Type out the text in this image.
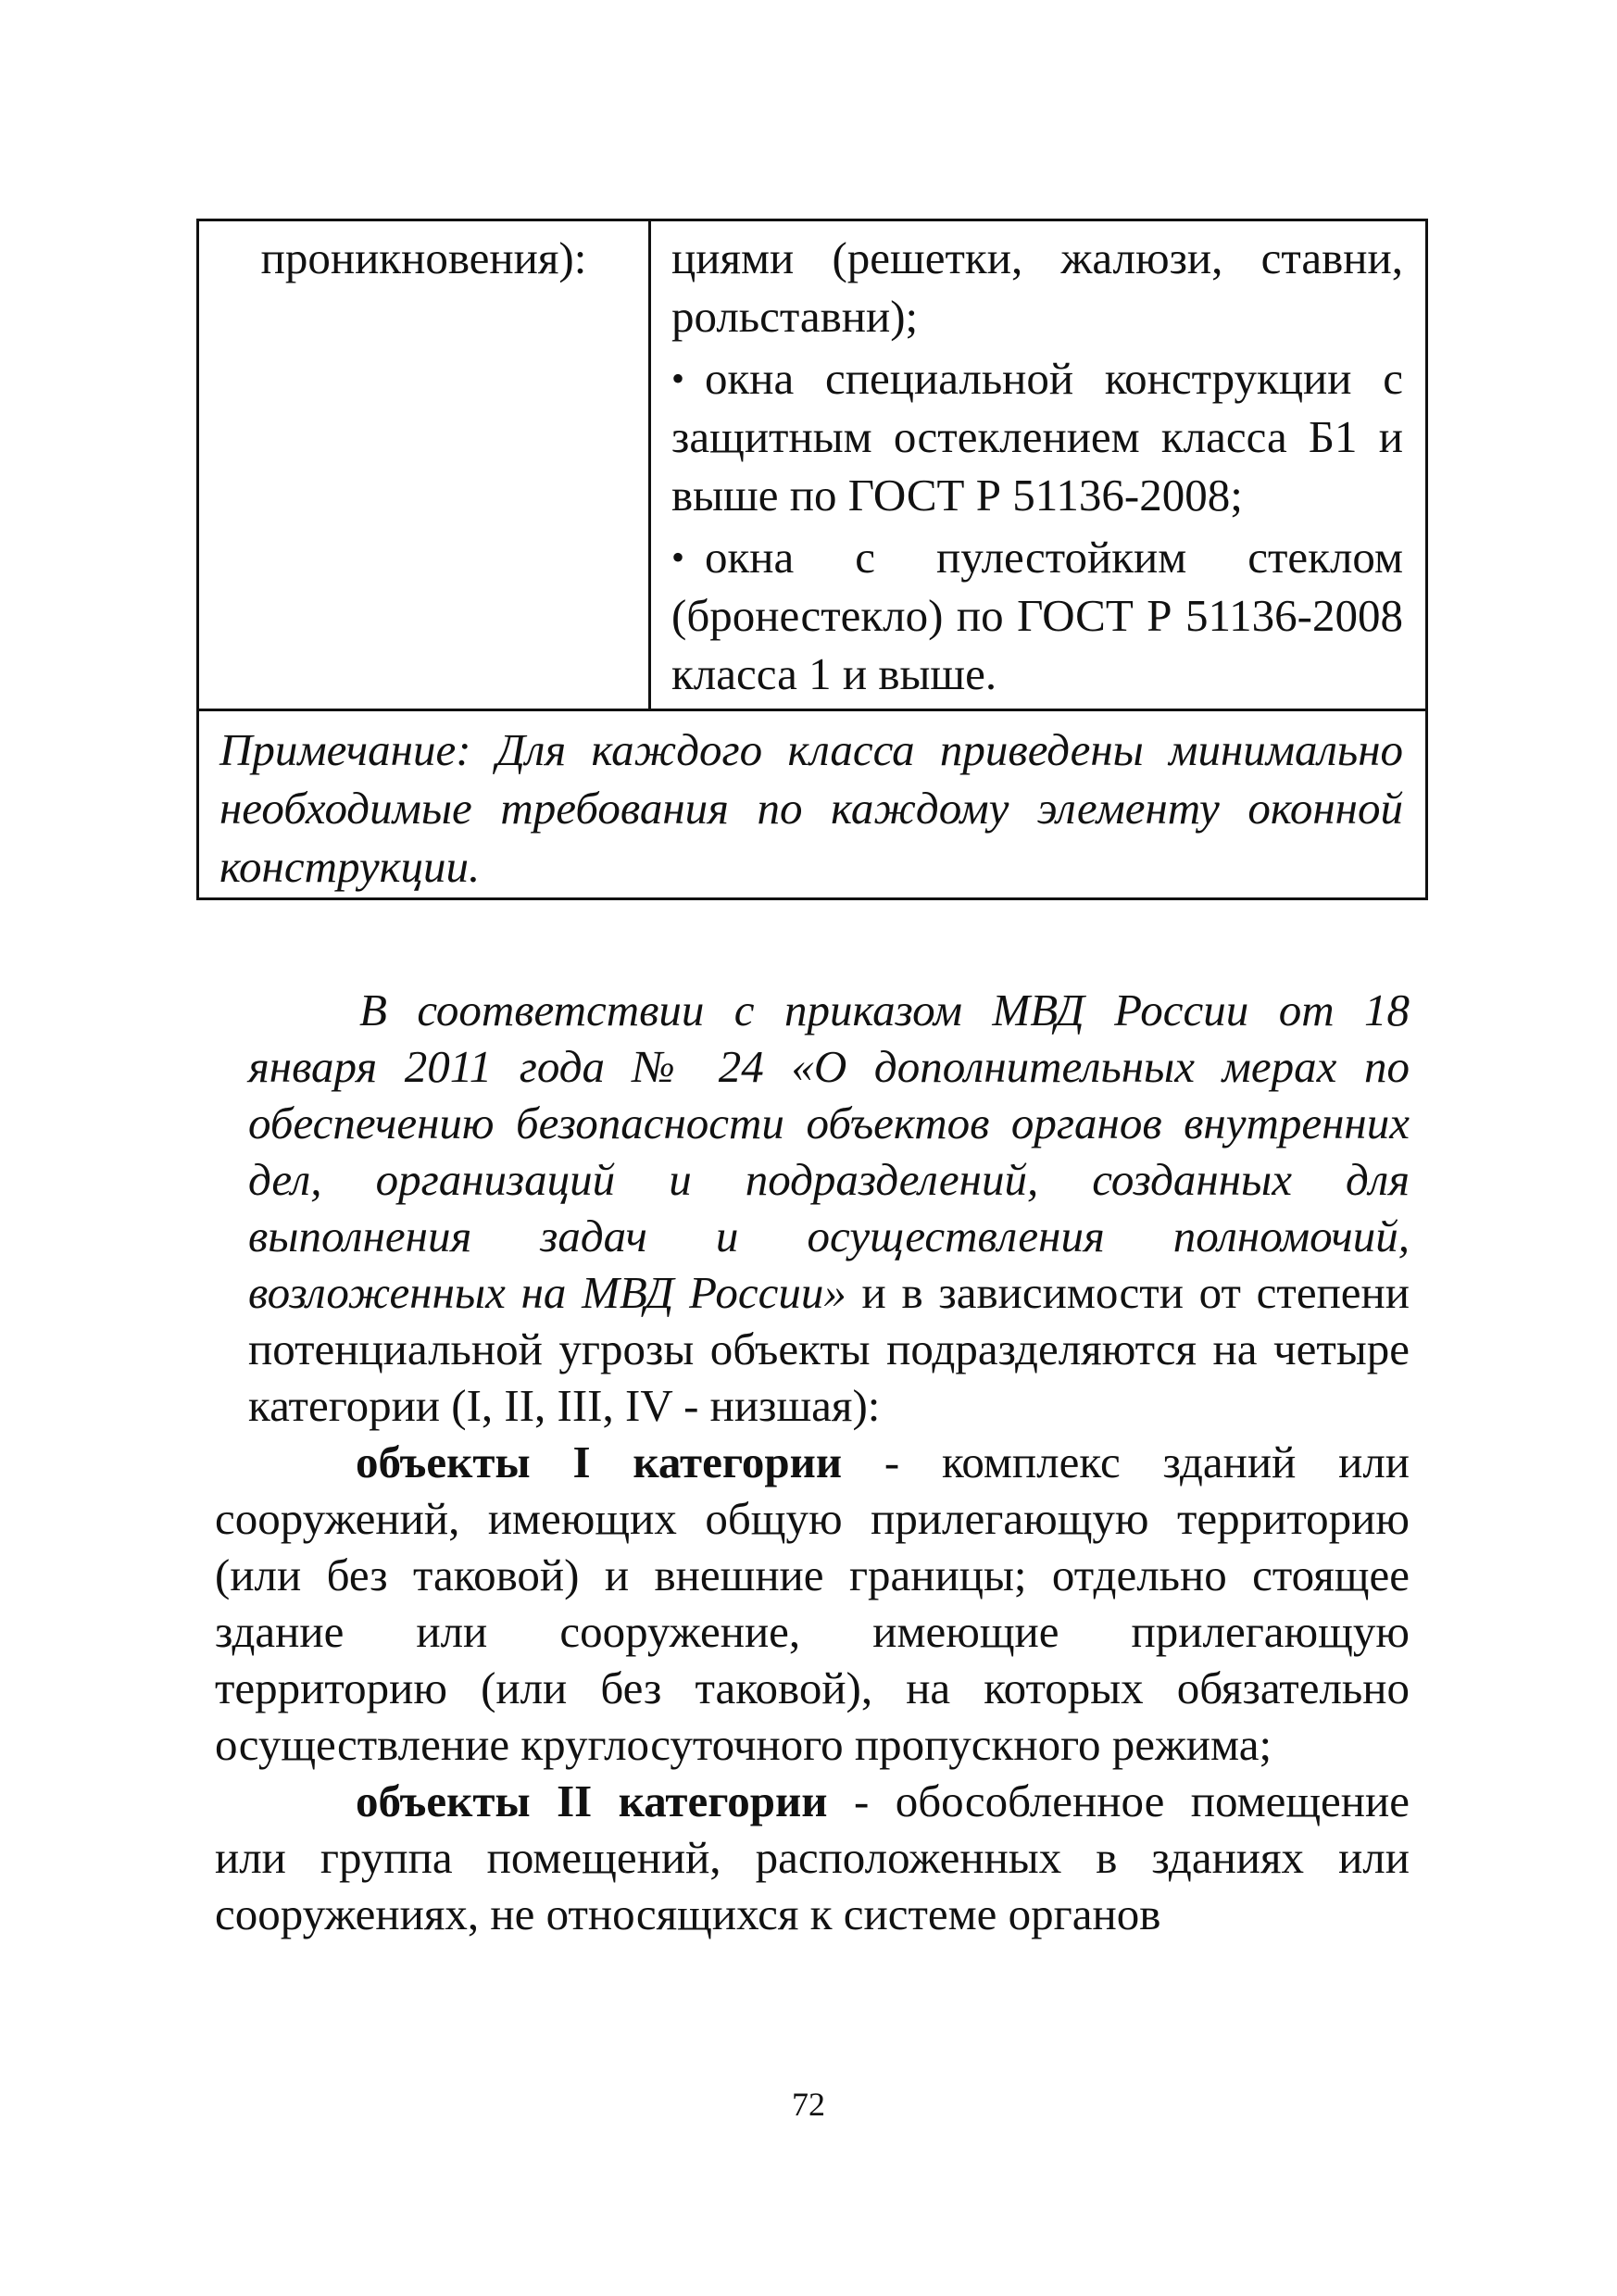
проникновения):	циями (решетки, жалюзи, ставни, рольставни);

• окна специальной конструкции с защитным остеклением класса Б1 и выше по ГОСТ Р 51136-2008;

• окна с пулестойким стеклом (бронестекло) по ГОСТ Р 51136-2008 класса 1 и выше.

Примечание: Для каждого класса приведены минимально необходимые требования по каждому элементу оконной конструкции.

В соответствии с приказом МВД России от 18 января 2011 года № 24 «О дополнительных мерах по обеспечению безопасности объектов органов внутренних дел, организаций и подразделений, созданных для выполнения задач и осуществления полномочий, возложенных на МВД России» и в зависимости от степени потенциальной угрозы объекты подразделяются на четыре категории (I, II, III, IV - низшая):

объекты I категории - комплекс зданий или сооружений, имеющих общую прилегающую территорию (или без таковой) и внешние границы; отдельно стоящее здание или сооружение, имеющие прилегающую территорию (или без таковой), на которых обязательно осуществление круглосуточного пропускного режима;

объекты II категории - обособленное помещение или группа помещений, расположенных в зданиях или сооружениях, не относящихся к системе органов

72
